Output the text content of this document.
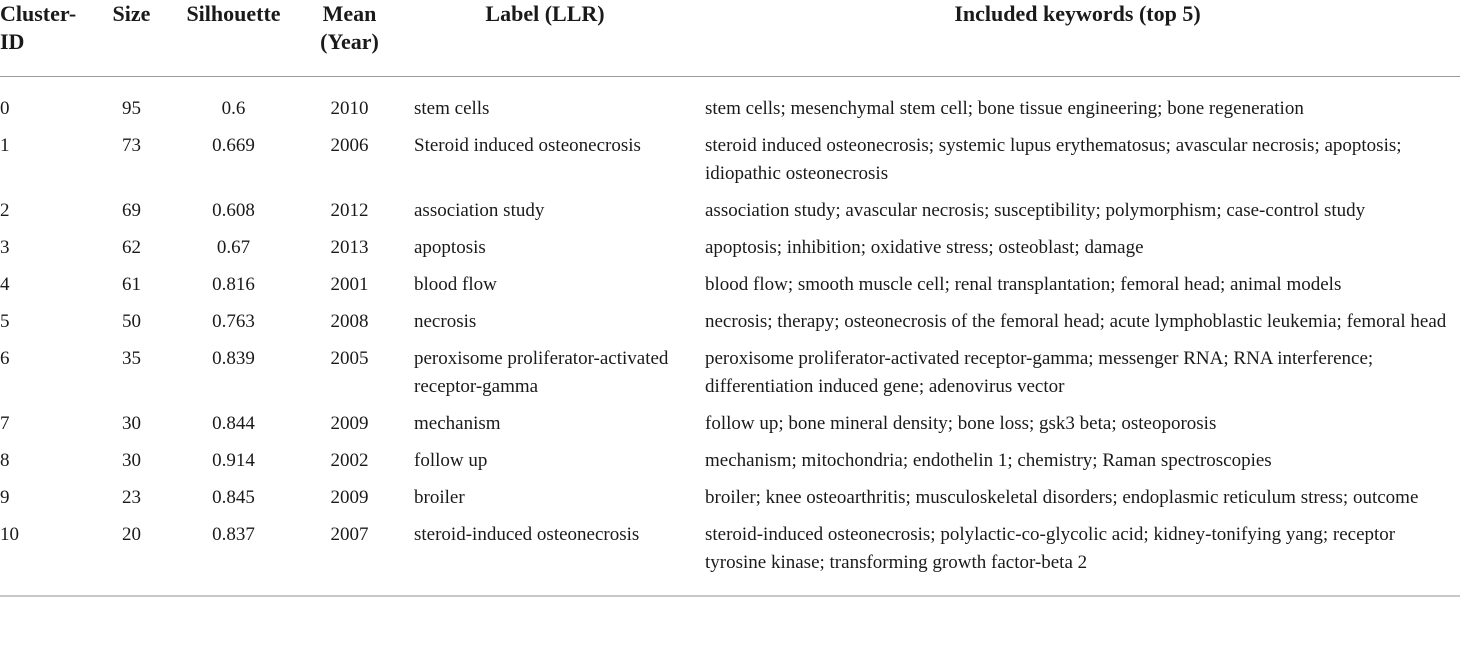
Cluster-ID	Size	Silhouette	Mean (Year)	Label (LLR)	Included keywords (top 5)
0	95	0.6	2010	stem cells	stem cells; mesenchymal stem cell; bone tissue engineering; bone regeneration
1	73	0.669	2006	Steroid induced osteonecrosis	steroid induced osteonecrosis; systemic lupus erythematosus; avascular necrosis; apoptosis; idiopathic osteonecrosis
2	69	0.608	2012	association study	association study; avascular necrosis; susceptibility; polymorphism; case-control study
3	62	0.67	2013	apoptosis	apoptosis; inhibition; oxidative stress; osteoblast; damage
4	61	0.816	2001	blood flow	blood flow; smooth muscle cell; renal transplantation; femoral head; animal models
5	50	0.763	2008	necrosis	necrosis; therapy; osteonecrosis of the femoral head; acute lymphoblastic leukemia; femoral head
6	35	0.839	2005	peroxisome proliferator-activated receptor-gamma	peroxisome proliferator-activated receptor-gamma; messenger RNA; RNA interference; differentiation induced gene; adenovirus vector
7	30	0.844	2009	mechanism	follow up; bone mineral density; bone loss; gsk3 beta; osteoporosis
8	30	0.914	2002	follow up	mechanism; mitochondria; endothelin 1; chemistry; Raman spectroscopies
9	23	0.845	2009	broiler	broiler; knee osteoarthritis; musculoskeletal disorders; endoplasmic reticulum stress; outcome
10	20	0.837	2007	steroid-induced osteonecrosis	steroid-induced osteonecrosis; polylactic-co-glycolic acid; kidney-tonifying yang; receptor tyrosine kinase; transforming growth factor-beta 2
